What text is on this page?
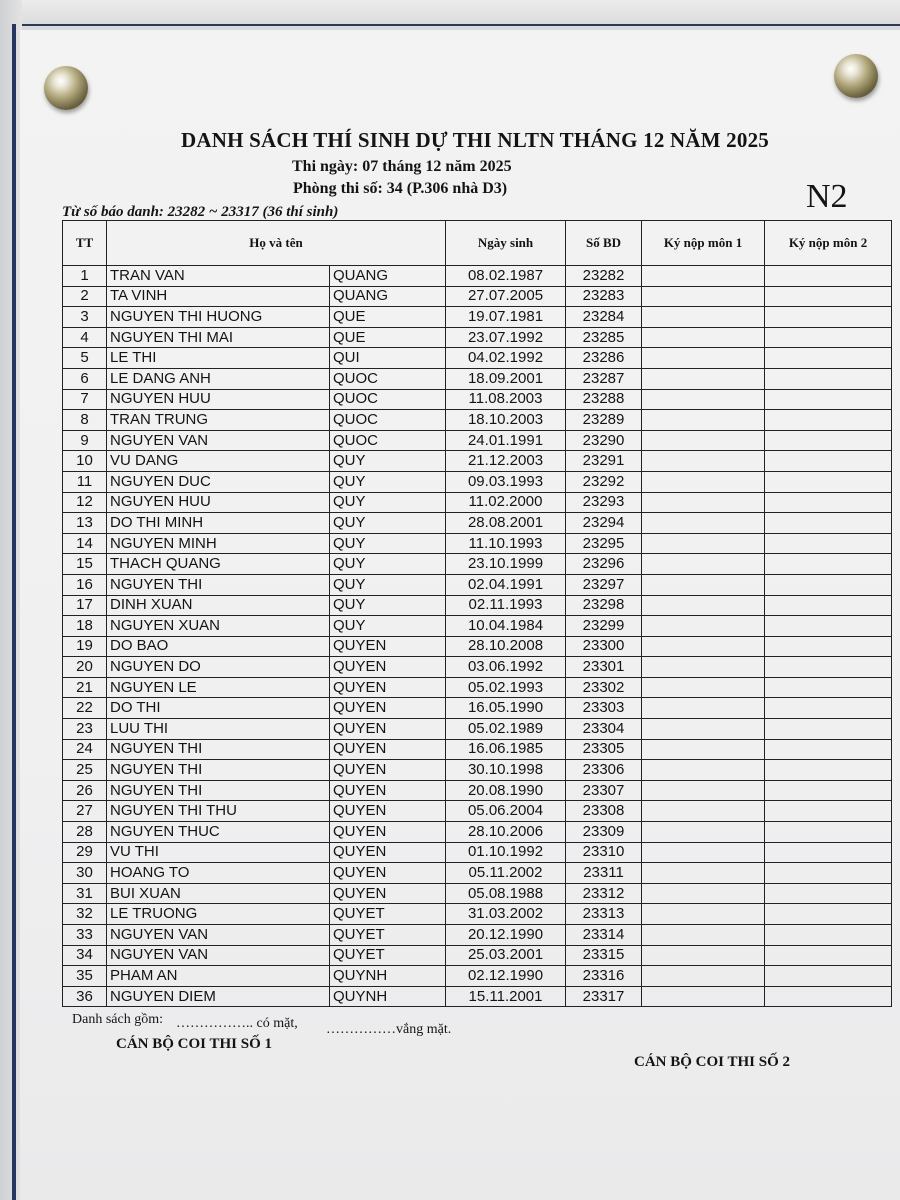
DANH SÁCH THÍ SINH DỰ THI NLTN THÁNG 12 NĂM 2025
Thi ngày: 07 tháng 12 năm 2025
Phòng thi số: 34 (P.306 nhà D3)	N2
Từ số báo danh: 23282 ~ 23317 (36 thí sinh)
TT	Họ và tên		Ngày sinh	Số BD	Ký nộp môn 1	Ký nộp môn 2
1	TRAN VAN	QUANG	08.02.1987	23282		
2	TA VINH	QUANG	27.07.2005	23283		
3	NGUYEN THI HUONG	QUE	19.07.1981	23284		
4	NGUYEN THI MAI	QUE	23.07.1992	23285		
5	LE THI	QUI	04.02.1992	23286		
6	LE DANG ANH	QUOC	18.09.2001	23287		
7	NGUYEN HUU	QUOC	11.08.2003	23288		
8	TRAN TRUNG	QUOC	18.10.2003	23289		
9	NGUYEN VAN	QUOC	24.01.1991	23290		
10	VU DANG	QUY	21.12.2003	23291		
11	NGUYEN DUC	QUY	09.03.1993	23292		
12	NGUYEN HUU	QUY	11.02.2000	23293		
13	DO THI MINH	QUY	28.08.2001	23294		
14	NGUYEN MINH	QUY	11.10.1993	23295		
15	THACH QUANG	QUY	23.10.1999	23296		
16	NGUYEN THI	QUY	02.04.1991	23297		
17	DINH XUAN	QUY	02.11.1993	23298		
18	NGUYEN XUAN	QUY	10.04.1984	23299		
19	DO BAO	QUYEN	28.10.2008	23300		
20	NGUYEN DO	QUYEN	03.06.1992	23301		
21	NGUYEN LE	QUYEN	05.02.1993	23302		
22	DO THI	QUYEN	16.05.1990	23303		
23	LUU THI	QUYEN	05.02.1989	23304		
24	NGUYEN THI	QUYEN	16.06.1985	23305		
25	NGUYEN THI	QUYEN	30.10.1998	23306		
26	NGUYEN THI	QUYEN	20.08.1990	23307		
27	NGUYEN THI THU	QUYEN	05.06.2004	23308		
28	NGUYEN THUC	QUYEN	28.10.2006	23309		
29	VU THI	QUYEN	01.10.1992	23310		
30	HOANG TO	QUYEN	05.11.2002	23311		
31	BUI XUAN	QUYEN	05.08.1988	23312		
32	LE TRUONG	QUYET	31.03.2002	23313		
33	NGUYEN VAN	QUYET	20.12.1990	23314		
34	NGUYEN VAN	QUYET	25.03.2001	23315		
35	PHAM AN	QUYNH	02.12.1990	23316		
36	NGUYEN DIEM	QUYNH	15.11.2001	23317		
Danh sách gồm: …………….. có mặt, ……………vắng mặt.
CÁN BỘ COI THI SỐ 1
CÁN BỘ COI THI SỐ 2
